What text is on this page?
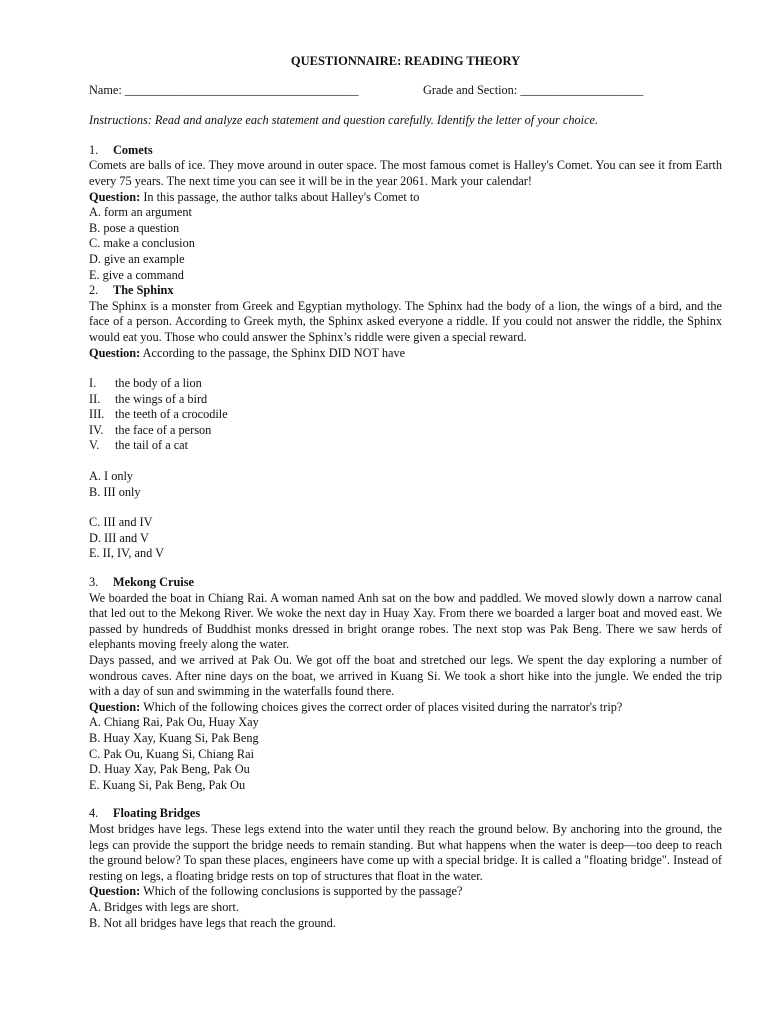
QUESTIONNAIRE: READING THEORY
Name: ______________________________________	Grade and Section: ____________________
Instructions: Read and analyze each statement and question carefully. Identify the letter of your choice.
1. Comets
Comets are balls of ice. They move around in outer space. The most famous comet is Halley's Comet. You can see it from Earth every 75 years. The next time you can see it will be in the year 2061. Mark your calendar!
Question: In this passage, the author talks about Halley's Comet to
A. form an argument
B. pose a question
C. make a conclusion
D. give an example
E. give a command
2. The Sphinx
The Sphinx is a monster from Greek and Egyptian mythology. The Sphinx had the body of a lion, the wings of a bird, and the face of a person. According to Greek myth, the Sphinx asked everyone a riddle. If you could not answer the riddle, the Sphinx would eat you. Those who could answer the Sphinx’s riddle were given a special reward.
Question: According to the passage, the Sphinx DID NOT have
I.	the body of a lion
II.	the wings of a bird
III. the teeth of a crocodile
IV. the face of a person
V.	the tail of a cat
A. I only
B. III only
C. III and IV
D. III and V
E. II, IV, and V
3. Mekong Cruise
We boarded the boat in Chiang Rai. A woman named Anh sat on the bow and paddled. We moved slowly down a narrow canal that led out to the Mekong River. We woke the next day in Huay Xay. From there we boarded a larger boat and moved east. We passed by hundreds of Buddhist monks dressed in bright orange robes. The next stop was Pak Beng. There we saw herds of elephants moving freely along the water.
Days passed, and we arrived at Pak Ou. We got off the boat and stretched our legs. We spent the day exploring a number of wondrous caves. After nine days on the boat, we arrived in Kuang Si. We took a short hike into the jungle. We ended the trip with a day of sun and swimming in the waterfalls found there.
Question: Which of the following choices gives the correct order of places visited during the narrator's trip?
A. Chiang Rai, Pak Ou, Huay Xay
B. Huay Xay, Kuang Si, Pak Beng
C. Pak Ou, Kuang Si, Chiang Rai
D. Huay Xay, Pak Beng, Pak Ou
E. Kuang Si, Pak Beng, Pak Ou
4. Floating Bridges
Most bridges have legs. These legs extend into the water until they reach the ground below. By anchoring into the ground, the legs can provide the support the bridge needs to remain standing. But what happens when the water is deep—too deep to reach the ground below? To span these places, engineers have come up with a special bridge. It is called a "floating bridge". Instead of resting on legs, a floating bridge rests on top of structures that float in the water.
Question: Which of the following conclusions is supported by the passage?
A. Bridges with legs are short.
B. Not all bridges have legs that reach the ground.
